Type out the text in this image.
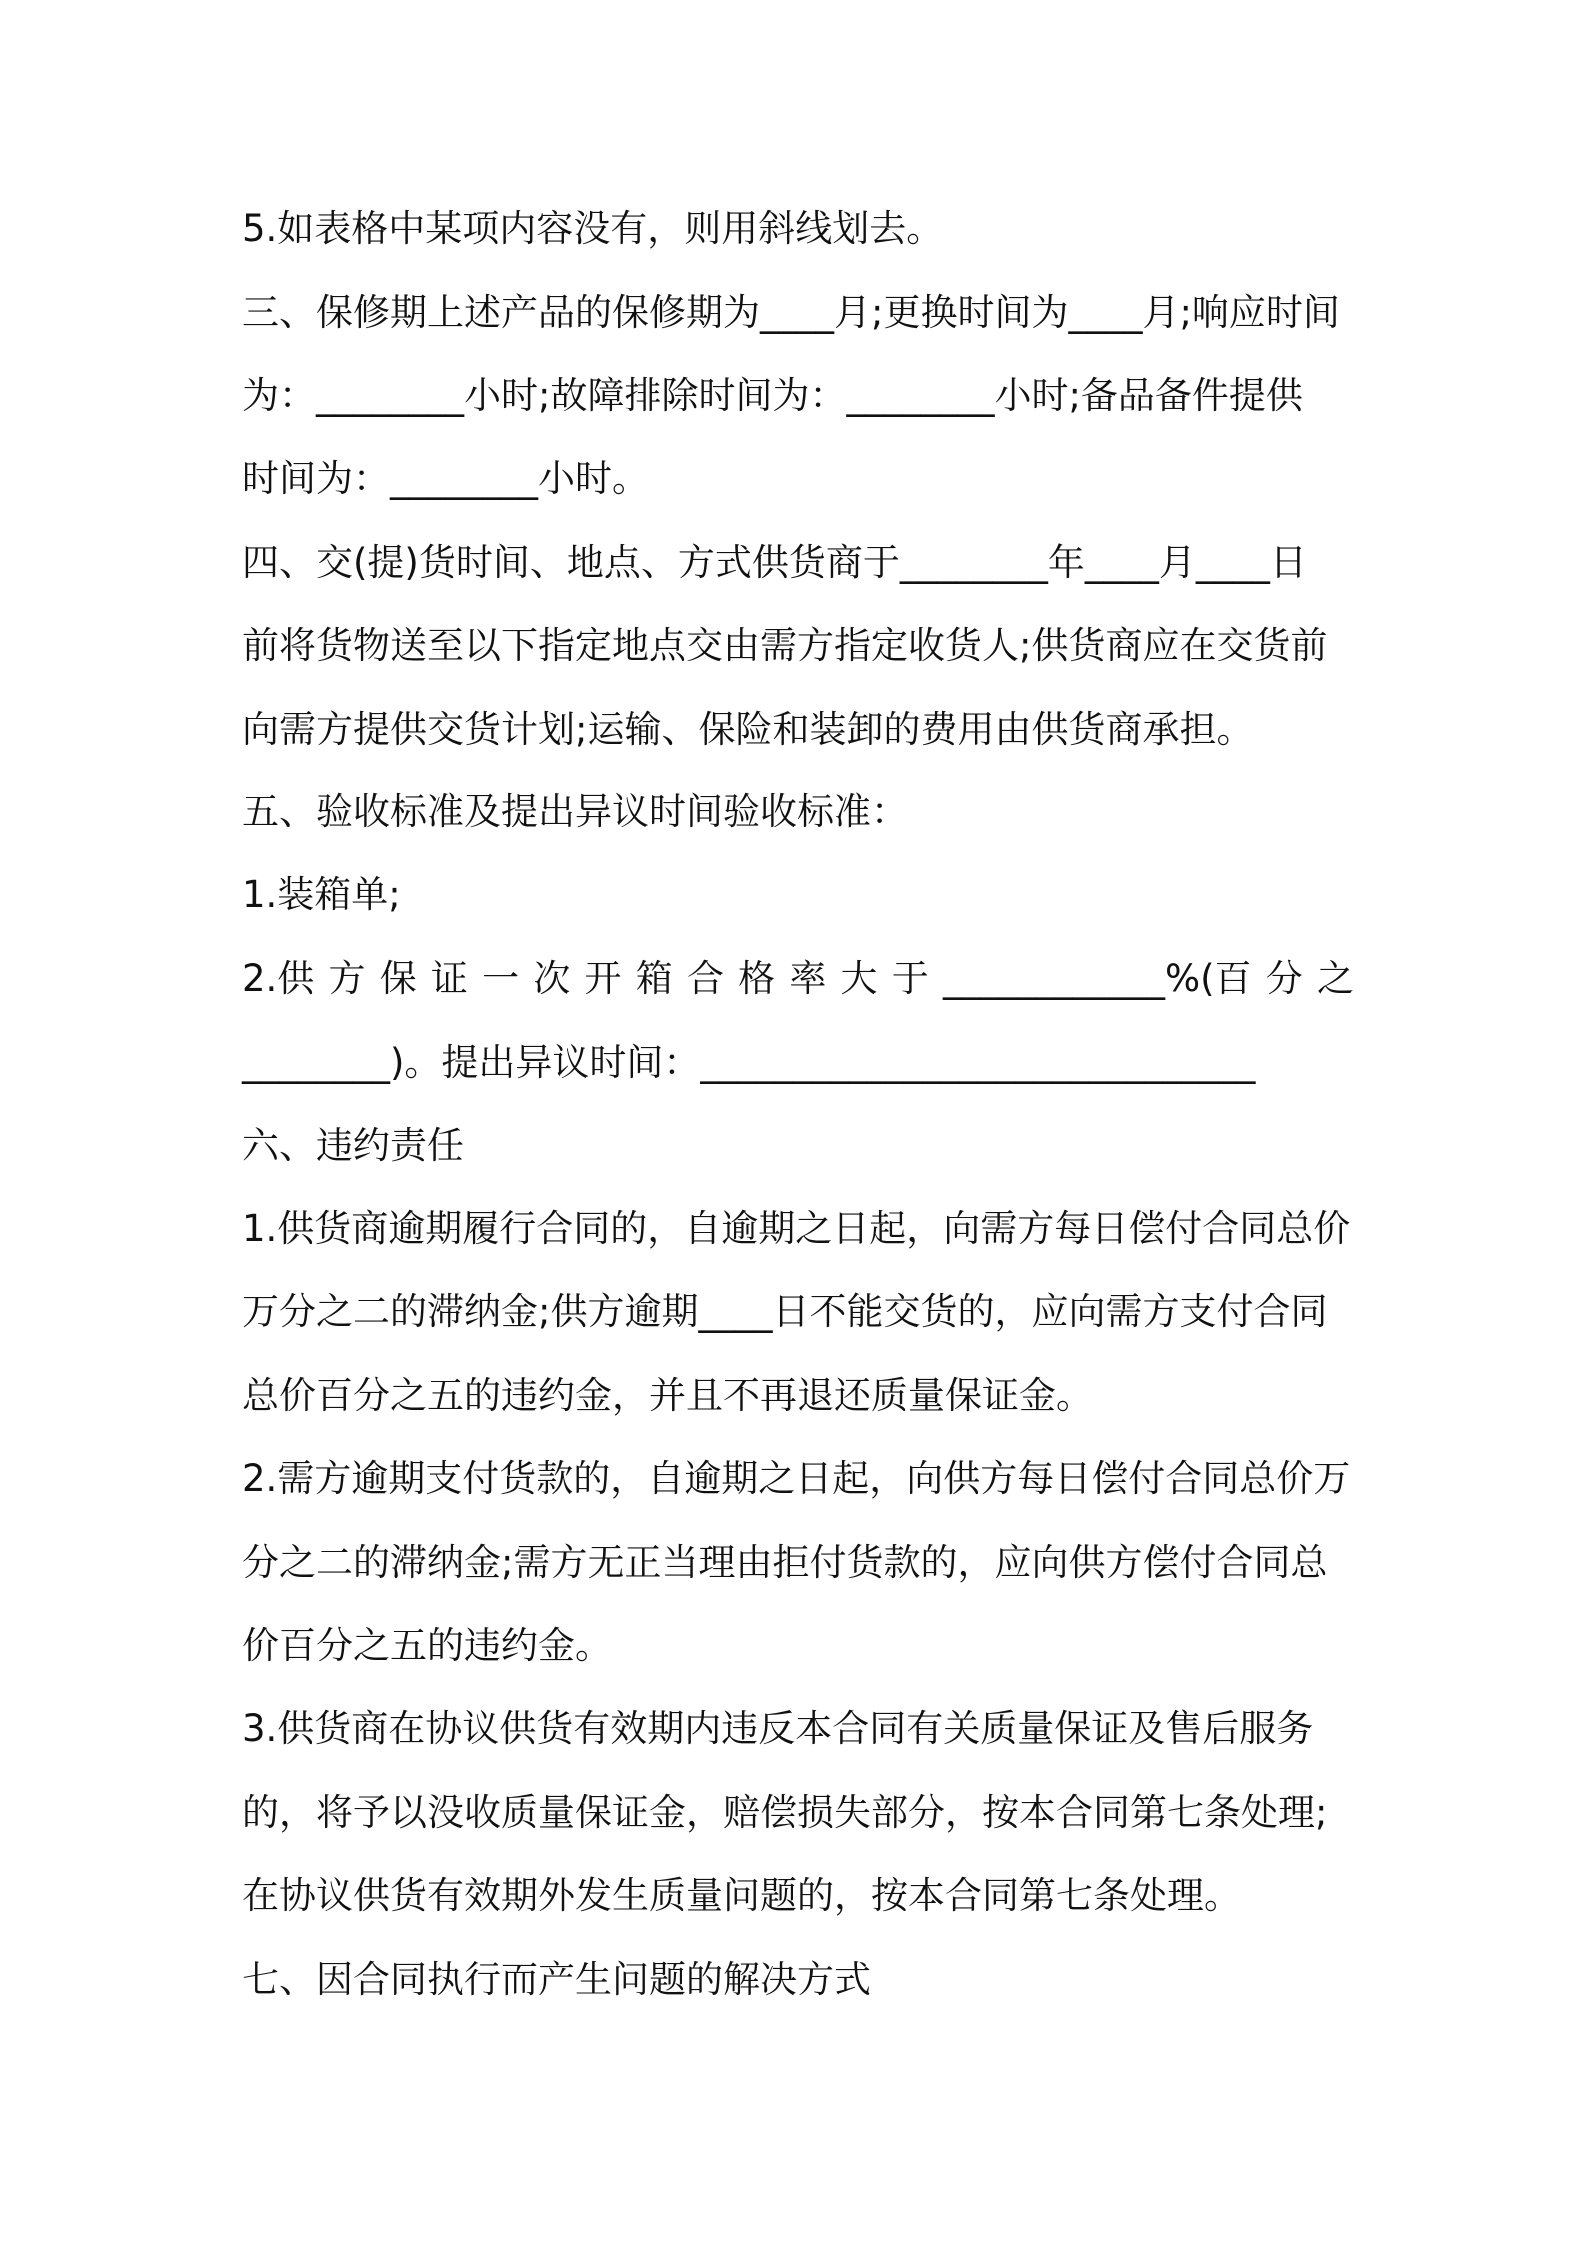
5.如表格中某项内容没有，则用斜线划去。
三、保修期上述产品的保修期为____月;更换时间为____月;响应时间
为：________小时;故障排除时间为：________小时;备品备件提供
时间为：________小时。
四、交(提)货时间、地点、方式供货商于________年____月____日
前将货物送至以下指定地点交由需方指定收货人;供货商应在交货前
向需方提供交货计划;运输、保险和装卸的费用由供货商承担。
五、验收标准及提出异议时间验收标准：
1.装箱单;
2.供 方 保 证 一 次 开 箱 合 格 率 大 于 ____________%(百 分 之
________)。提出异议时间：______________________________
六、违约责任
1.供货商逾期履行合同的，自逾期之日起，向需方每日偿付合同总价
万分之二的滞纳金;供方逾期____日不能交货的，应向需方支付合同
总价百分之五的违约金，并且不再退还质量保证金。
2.需方逾期支付货款的，自逾期之日起，向供方每日偿付合同总价万
分之二的滞纳金;需方无正当理由拒付货款的，应向供方偿付合同总
价百分之五的违约金。
3.供货商在协议供货有效期内违反本合同有关质量保证及售后服务
的，将予以没收质量保证金，赔偿损失部分，按本合同第七条处理;
在协议供货有效期外发生质量问题的，按本合同第七条处理。
七、因合同执行而产生问题的解决方式
